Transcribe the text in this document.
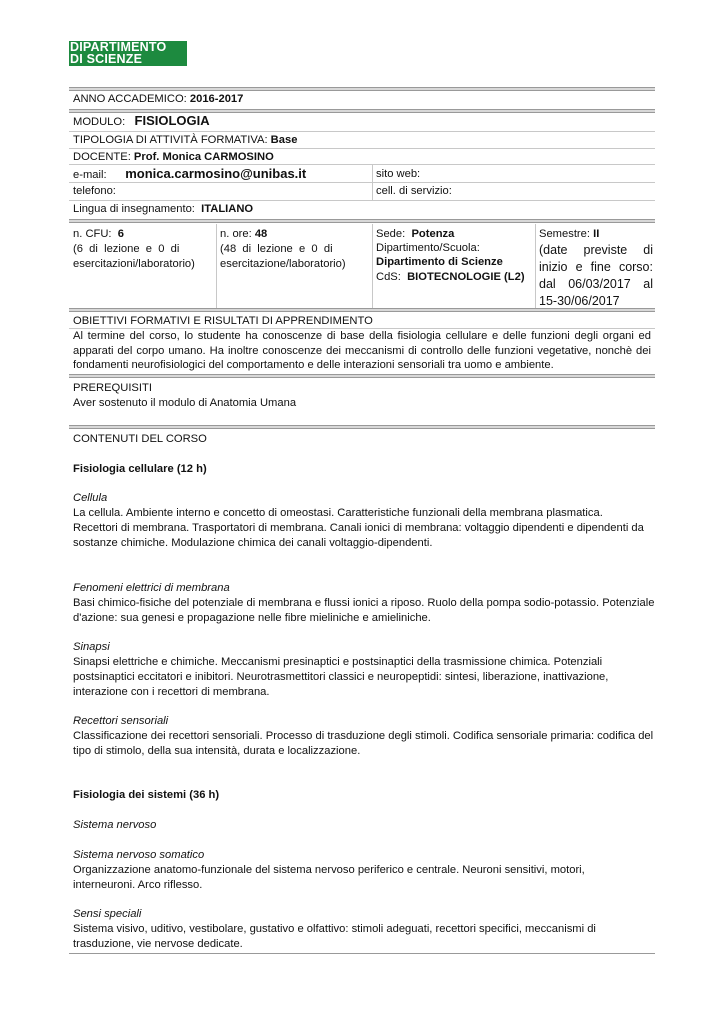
DIPARTIMENTO
DI SCIENZE
ANNO ACCADEMICO: 2016-2017
MODULO: FISIOLOGIA
TIPOLOGIA DI ATTIVITÀ FORMATIVA: Base
DOCENTE: Prof. Monica CARMOSINO
e-mail: monica.carmosino@unibas.it	sito web:
telefono:	cell. di servizio:
Lingua di insegnamento: ITALIANO
n. CFU: 6
(6  di  lezione  e  0  di
esercitazioni/laboratorio)
n. ore: 48
(48  di  lezione  e  0  di
esercitazione/laboratorio)
Sede: Potenza
Dipartimento/Scuola:
Dipartimento di Scienze
CdS: BIOTECNOLOGIE (L2)
Semestre: II
(date previste di inizio e fine corso: dal 06/03/2017 al 15-30/06/2017
OBIETTIVI FORMATIVI E RISULTATI DI APPRENDIMENTO
Al termine del corso, lo studente ha conoscenze di base della fisiologia cellulare e delle funzioni degli organi ed apparati del corpo umano. Ha inoltre conoscenze dei meccanismi di controllo delle funzioni vegetative, nonchè dei fondamenti neurofisiologici del comportamento e delle interazioni sensoriali tra uomo e ambiente.
PREREQUISITI
Aver sostenuto il modulo di Anatomia Umana
CONTENUTI DEL CORSO
Fisiologia cellulare (12 h)
Cellula
La cellula. Ambiente interno e concetto di omeostasi. Caratteristiche funzionali della membrana plasmatica.
Recettori di membrana. Trasportatori di membrana. Canali ionici di membrana: voltaggio dipendenti e dipendenti da
sostanze chimiche. Modulazione chimica dei canali voltaggio-dipendenti.
Fenomeni elettrici di membrana
Basi chimico-fisiche del potenziale di membrana e flussi ionici a riposo. Ruolo della pompa sodio-potassio. Potenziale
d'azione: sua genesi e propagazione nelle fibre mieliniche e amieliniche.
Sinapsi
Sinapsi elettriche e chimiche. Meccanismi presinaptici e postsinaptici della trasmissione chimica. Potenziali
postsinaptici eccitatori e inibitori. Neurotrasmettitori classici e neuropeptidi: sintesi, liberazione, inattivazione,
interazione con i recettori di membrana.
Recettori sensoriali
Classificazione dei recettori sensoriali. Processo di trasduzione degli stimoli. Codifica sensoriale primaria: codifica del
tipo di stimolo, della sua intensità, durata e localizzazione.
Fisiologia dei sistemi (36 h)
Sistema nervoso
Sistema nervoso somatico
Organizzazione anatomo-funzionale del sistema nervoso periferico e centrale. Neuroni sensitivi, motori,
interneuroni. Arco riflesso.
Sensi speciali
Sistema visivo, uditivo, vestibolare, gustativo e olfattivo: stimoli adeguati, recettori specifici, meccanismi di
trasduzione, vie nervose dedicate.
